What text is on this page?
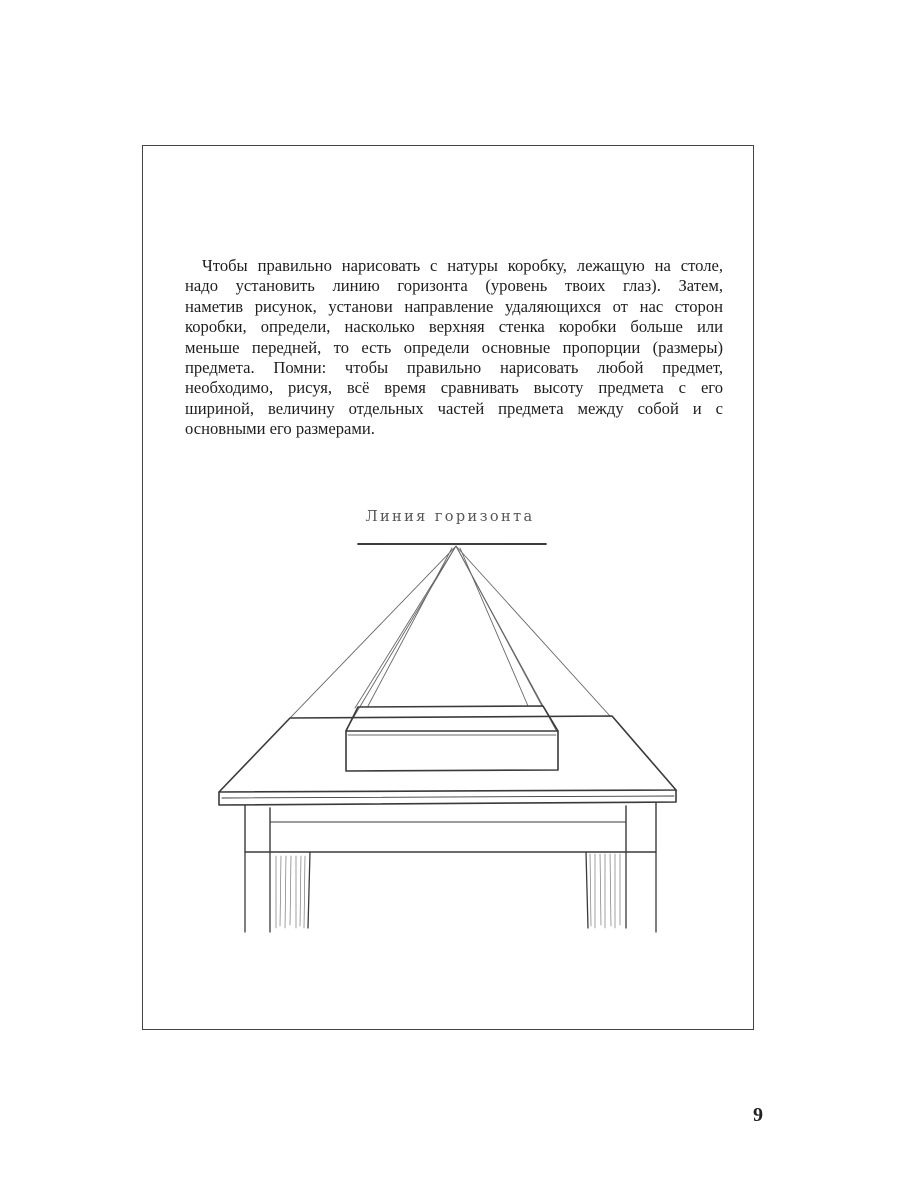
Чтобы правильно нарисовать с натуры коробку, лежащую на столе,
надо установить линию горизонта (уровень твоих глаз). Затем,
наметив рисунок, установи направление удаляющихся от нас сторон
коробки, определи, насколько верхняя стенка коробки больше или
меньше передней, то есть определи основные пропорции (размеры)
предмета. Помни: чтобы правильно нарисовать любой предмет,
необходимо, рисуя, всё время сравнивать высоту предмета с его
шириной, величину отдельных частей предмета между собой и с
основными его размерами.
Линия горизонта
9
